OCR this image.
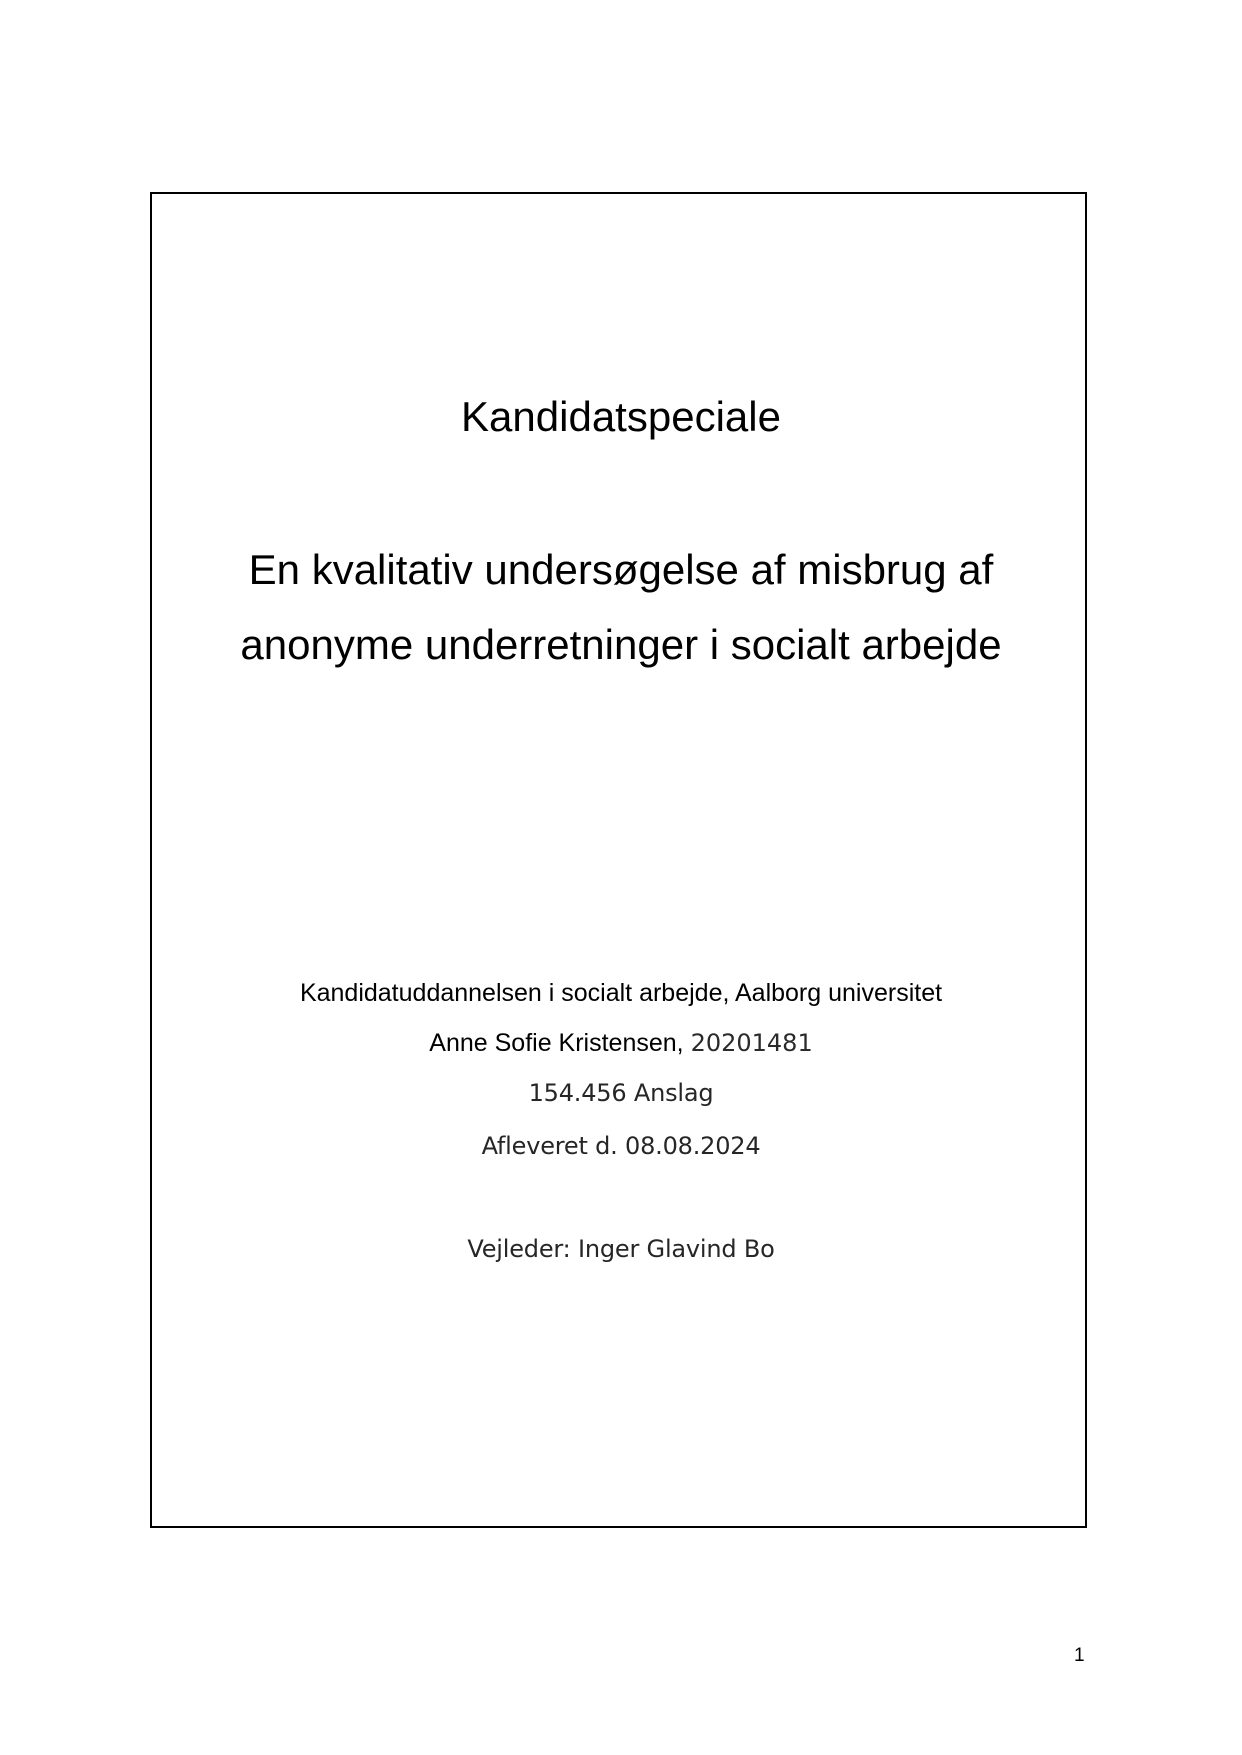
Kandidatspeciale
En kvalitativ undersøgelse af misbrug af
anonyme underretninger i socialt arbejde
Kandidatuddannelsen i socialt arbejde, Aalborg universitet
Anne Sofie Kristensen, 20201481
154.456 Anslag
Afleveret d. 08.08.2024
Vejleder: Inger Glavind Bo
1
